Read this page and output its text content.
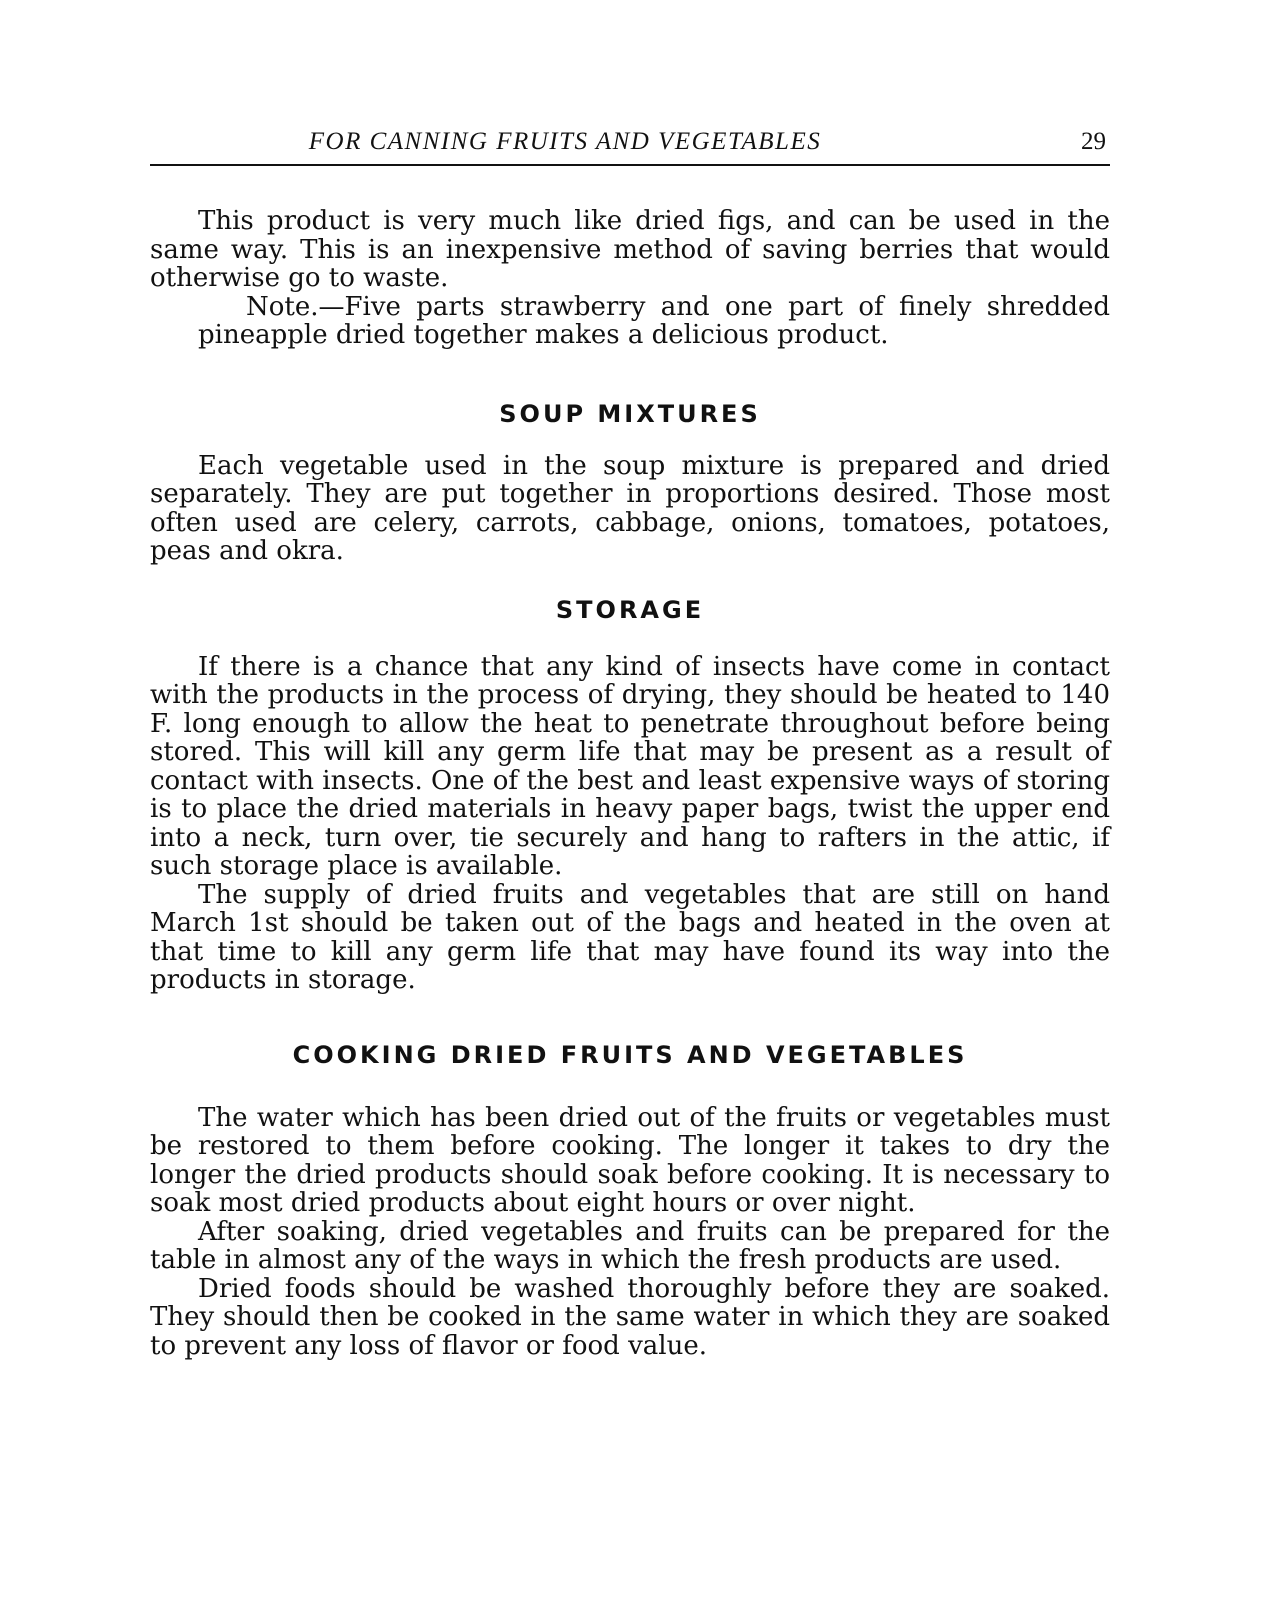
FOR CANNING FRUITS AND VEGETABLES	29

This product is very much like dried figs, and can be used in the same way. This is an inexpensive method of saving berries that would otherwise go to waste.

Note.—Five parts strawberry and one part of finely shredded pineapple dried together makes a delicious product.

SOUP MIXTURES

Each vegetable used in the soup mixture is prepared and dried separately. They are put together in proportions desired. Those most often used are celery, carrots, cabbage, onions, tomatoes, potatoes, peas and okra.

STORAGE

If there is a chance that any kind of insects have come in contact with the products in the process of drying, they should be heated to 140 F. long enough to allow the heat to penetrate throughout before being stored. This will kill any germ life that may be present as a result of contact with insects. One of the best and least expensive ways of storing is to place the dried materials in heavy paper bags, twist the upper end into a neck, turn over, tie securely and hang to rafters in the attic, if such storage place is available.

The supply of dried fruits and vegetables that are still on hand March 1st should be taken out of the bags and heated in the oven at that time to kill any germ life that may have found its way into the products in storage.

COOKING DRIED FRUITS AND VEGETABLES

The water which has been dried out of the fruits or vegetables must be restored to them before cooking. The longer it takes to dry the longer the dried products should soak before cooking. It is necessary to soak most dried products about eight hours or over night.

After soaking, dried vegetables and fruits can be prepared for the table in almost any of the ways in which the fresh products are used.

Dried foods should be washed thoroughly before they are soaked. They should then be cooked in the same water in which they are soaked to prevent any loss of flavor or food value.
